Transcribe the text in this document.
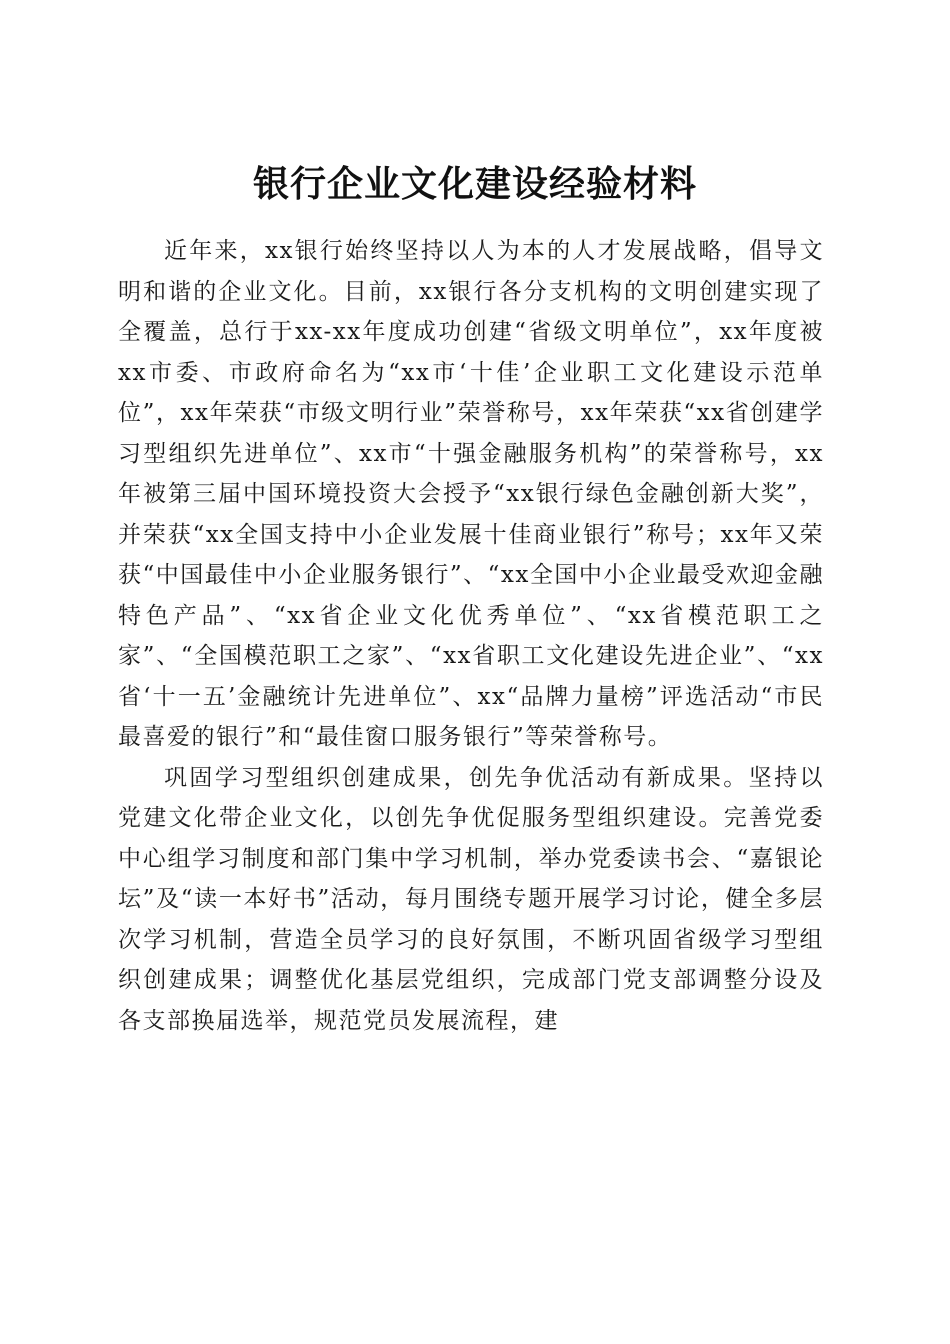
银行企业文化建设经验材料

近年来，xx银行始终坚持以人为本的人才发展战略，倡导文明和谐的企业文化。目前，xx银行各分支机构的文明创建实现了全覆盖，总行于xx-xx年度成功创建“省级文明单位”，xx年度被xx市委、市政府命名为“xx市‘十佳’企业职工文化建设示范单位”，xx年荣获“市级文明行业”荣誉称号，xx年荣获“xx省创建学习型组织先进单位”、xx市“十强金融服务机构”的荣誉称号，xx年被第三届中国环境投资大会授予“xx银行绿色金融创新大奖”，并荣获“xx全国支持中小企业发展十佳商业银行”称号；xx年又荣获“中国最佳中小企业服务银行”、“xx全国中小企业最受欢迎金融特色产品”、“xx省企业文化优秀单位”、“xx省模范职工之家”、“全国模范职工之家”、“xx省职工文化建设先进企业”、“xx省‘十一五’金融统计先进单位”、xx“品牌力量榜”评选活动“市民最喜爱的银行”和“最佳窗口服务银行”等荣誉称号。

巩固学习型组织创建成果，创先争优活动有新成果。坚持以党建文化带企业文化，以创先争优促服务型组织建设。完善党委中心组学习制度和部门集中学习机制，举办党委读书会、“嘉银论坛”及“读一本好书”活动，每月围绕专题开展学习讨论，健全多层次学习机制，营造全员学习的良好氛围，不断巩固省级学习型组织创建成果；调整优化基层党组织，完成部门党支部调整分设及各支部换届选举，规范党员发展流程，建
